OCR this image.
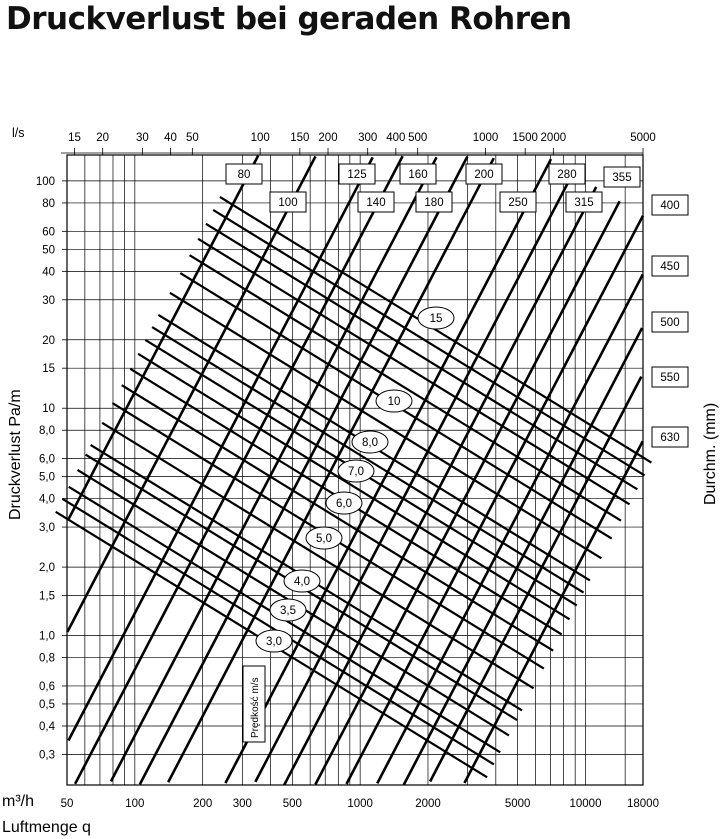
Druckverlust bei geraden Rohren
50	100	200 300	500	1000	2000	5000	10000 18000
15 20 30 40 50	100 150 200 300 400 500	1000 1500 2000	5000
100
80
60
50
40
30
20
15
10
8,0
6,0
5,0
4,0
3,0
2,0
1,5
1,0
0,8
0,6
0,5
0,4
0,3
80
100
125
140
160
180
200
250
280
315
355
400
450
500
550
630
3,0
3,5
4,0
5,0
6,0
7,0
8,0
10
15
l/s
m³/h
Luftmenge q
Druckverlust Pa/m	Durchm. (mm)
Prędkość m/s
